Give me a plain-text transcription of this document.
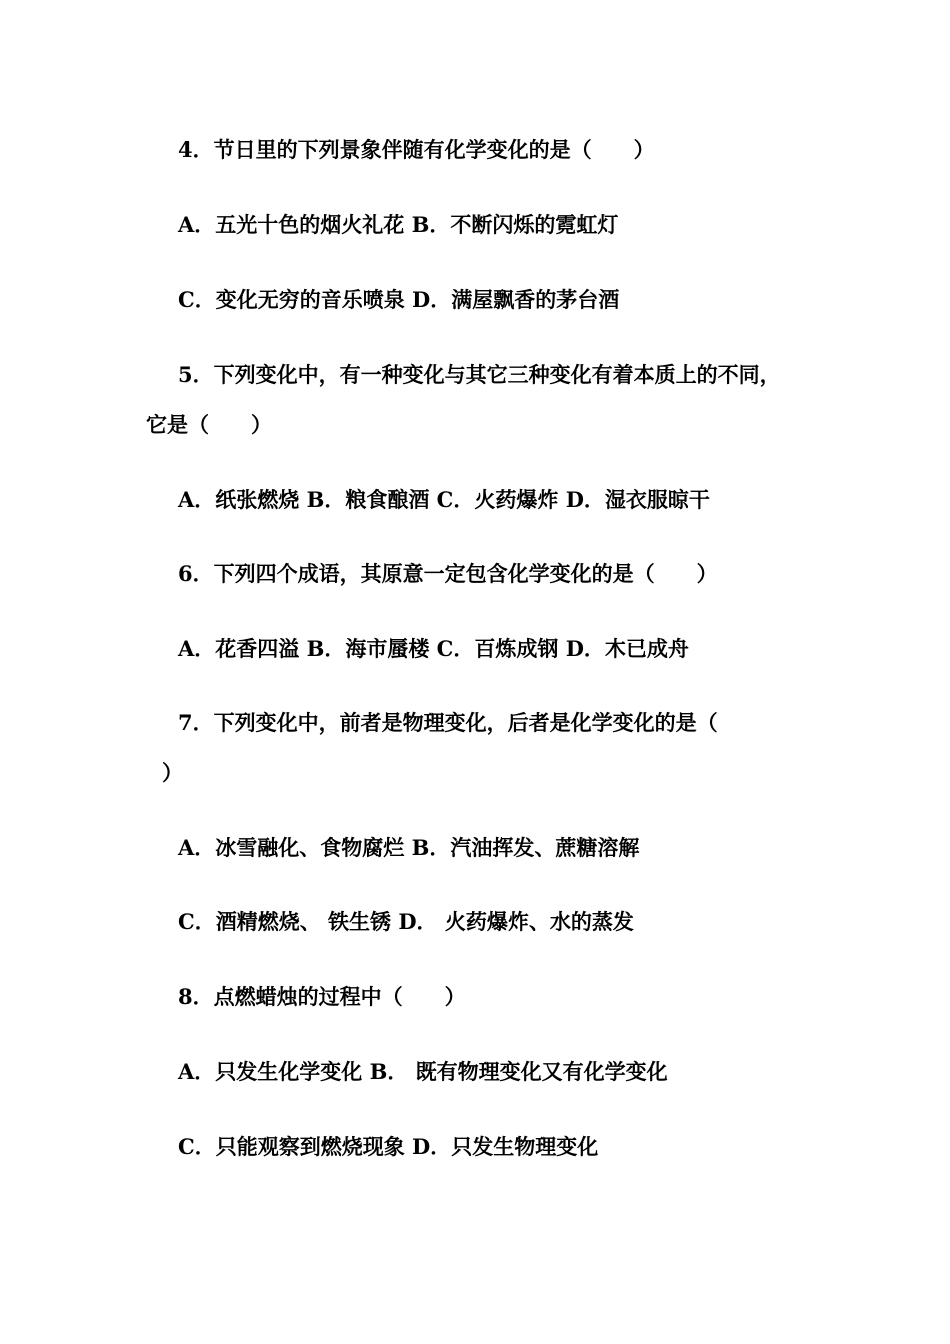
4．节日里的下列景象伴随有化学变化的是（　　）
A．五光十色的烟火礼花 B．不断闪烁的霓虹灯
C．变化无穷的音乐喷泉 D．满屋飘香的茅台酒
5．下列变化中，有一种变化与其它三种变化有着本质上的不同，
它是（　　）
A．纸张燃烧 B．粮食酿酒 C．火药爆炸 D．湿衣服晾干
6．下列四个成语，其原意一定包含化学变化的是（　　）
A．花香四溢 B．海市蜃楼 C．百炼成钢 D．木已成舟
7．下列变化中，前者是物理变化，后者是化学变化的是（
）
A．冰雪融化、食物腐烂 B．汽油挥发、蔗糖溶解
C．酒精燃烧、 铁生锈 D． 火药爆炸、水的蒸发
8．点燃蜡烛的过程中（　　）
A．只发生化学变化 B． 既有物理变化又有化学变化
C．只能观察到燃烧现象 D．只发生物理变化
